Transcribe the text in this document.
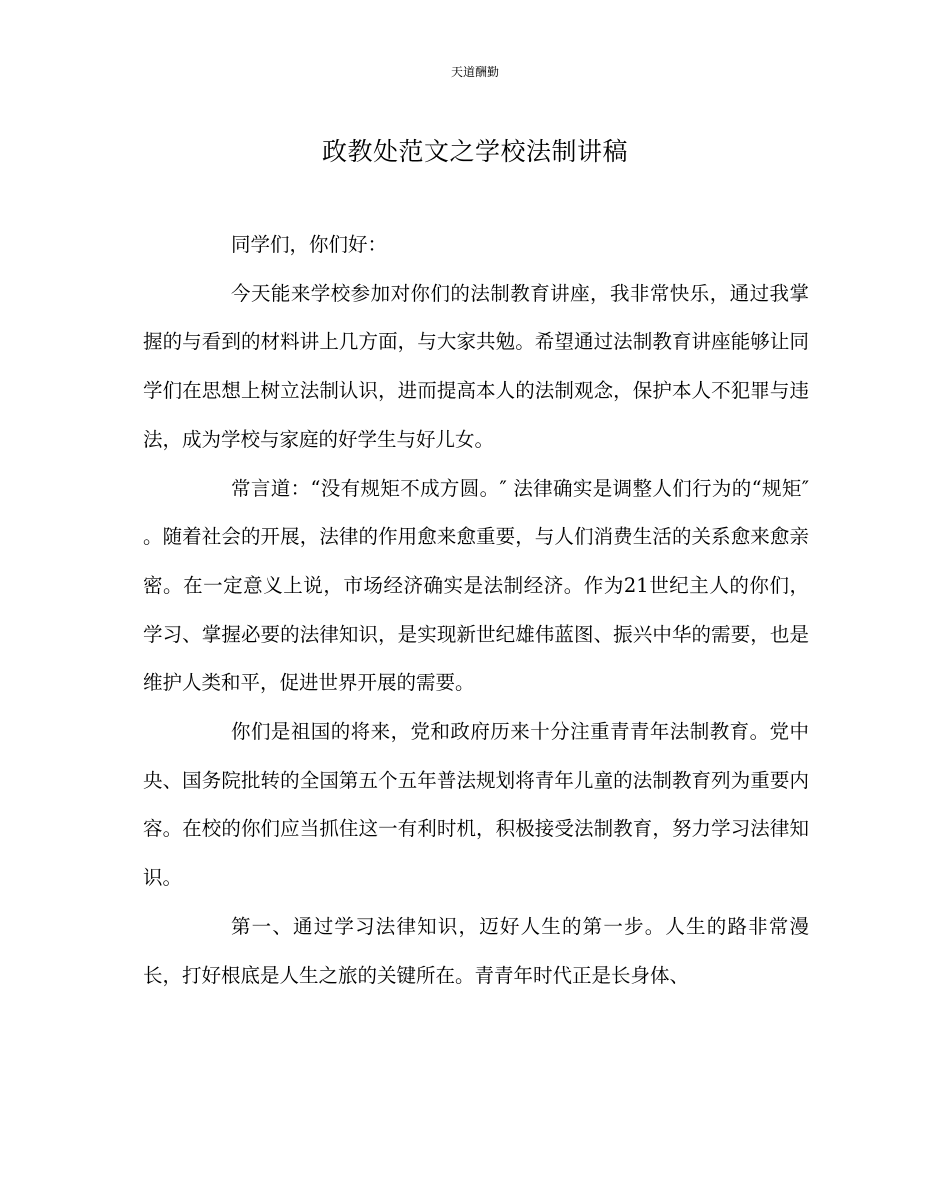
天道酬勤
政教处范文之学校法制讲稿

同学们，你们好：

今天能来学校参加对你们的法制教育讲座，我非常快乐，通过我掌握的与看到的材料讲上几方面，与大家共勉。希望通过法制教育讲座能够让同学们在思想上树立法制认识，进而提高本人的法制观念，保护本人不犯罪与违法，成为学校与家庭的好学生与好儿女。

常言道：“没有规矩不成方圆。″ 法律确实是调整人们行为的“规矩″ 。随着社会的开展，法律的作用愈来愈重要，与人们消费生活的关系愈来愈亲密。在一定意义上说，市场经济确实是法制经济。作为21世纪主人的你们，学习、掌握必要的法律知识，是实现新世纪雄伟蓝图、振兴中华的需要，也是维护人类和平，促进世界开展的需要。

你们是祖国的将来，党和政府历来十分注重青青年法制教育。党中央、国务院批转的全国第五个五年普法规划将青年儿童的法制教育列为重要内容。在校的你们应当抓住这一有利时机，积极接受法制教育，努力学习法律知识。

第一、通过学习法律知识，迈好人生的第一步。人生的路非常漫长，打好根底是人生之旅的关键所在。青青年时代正是长身体、
